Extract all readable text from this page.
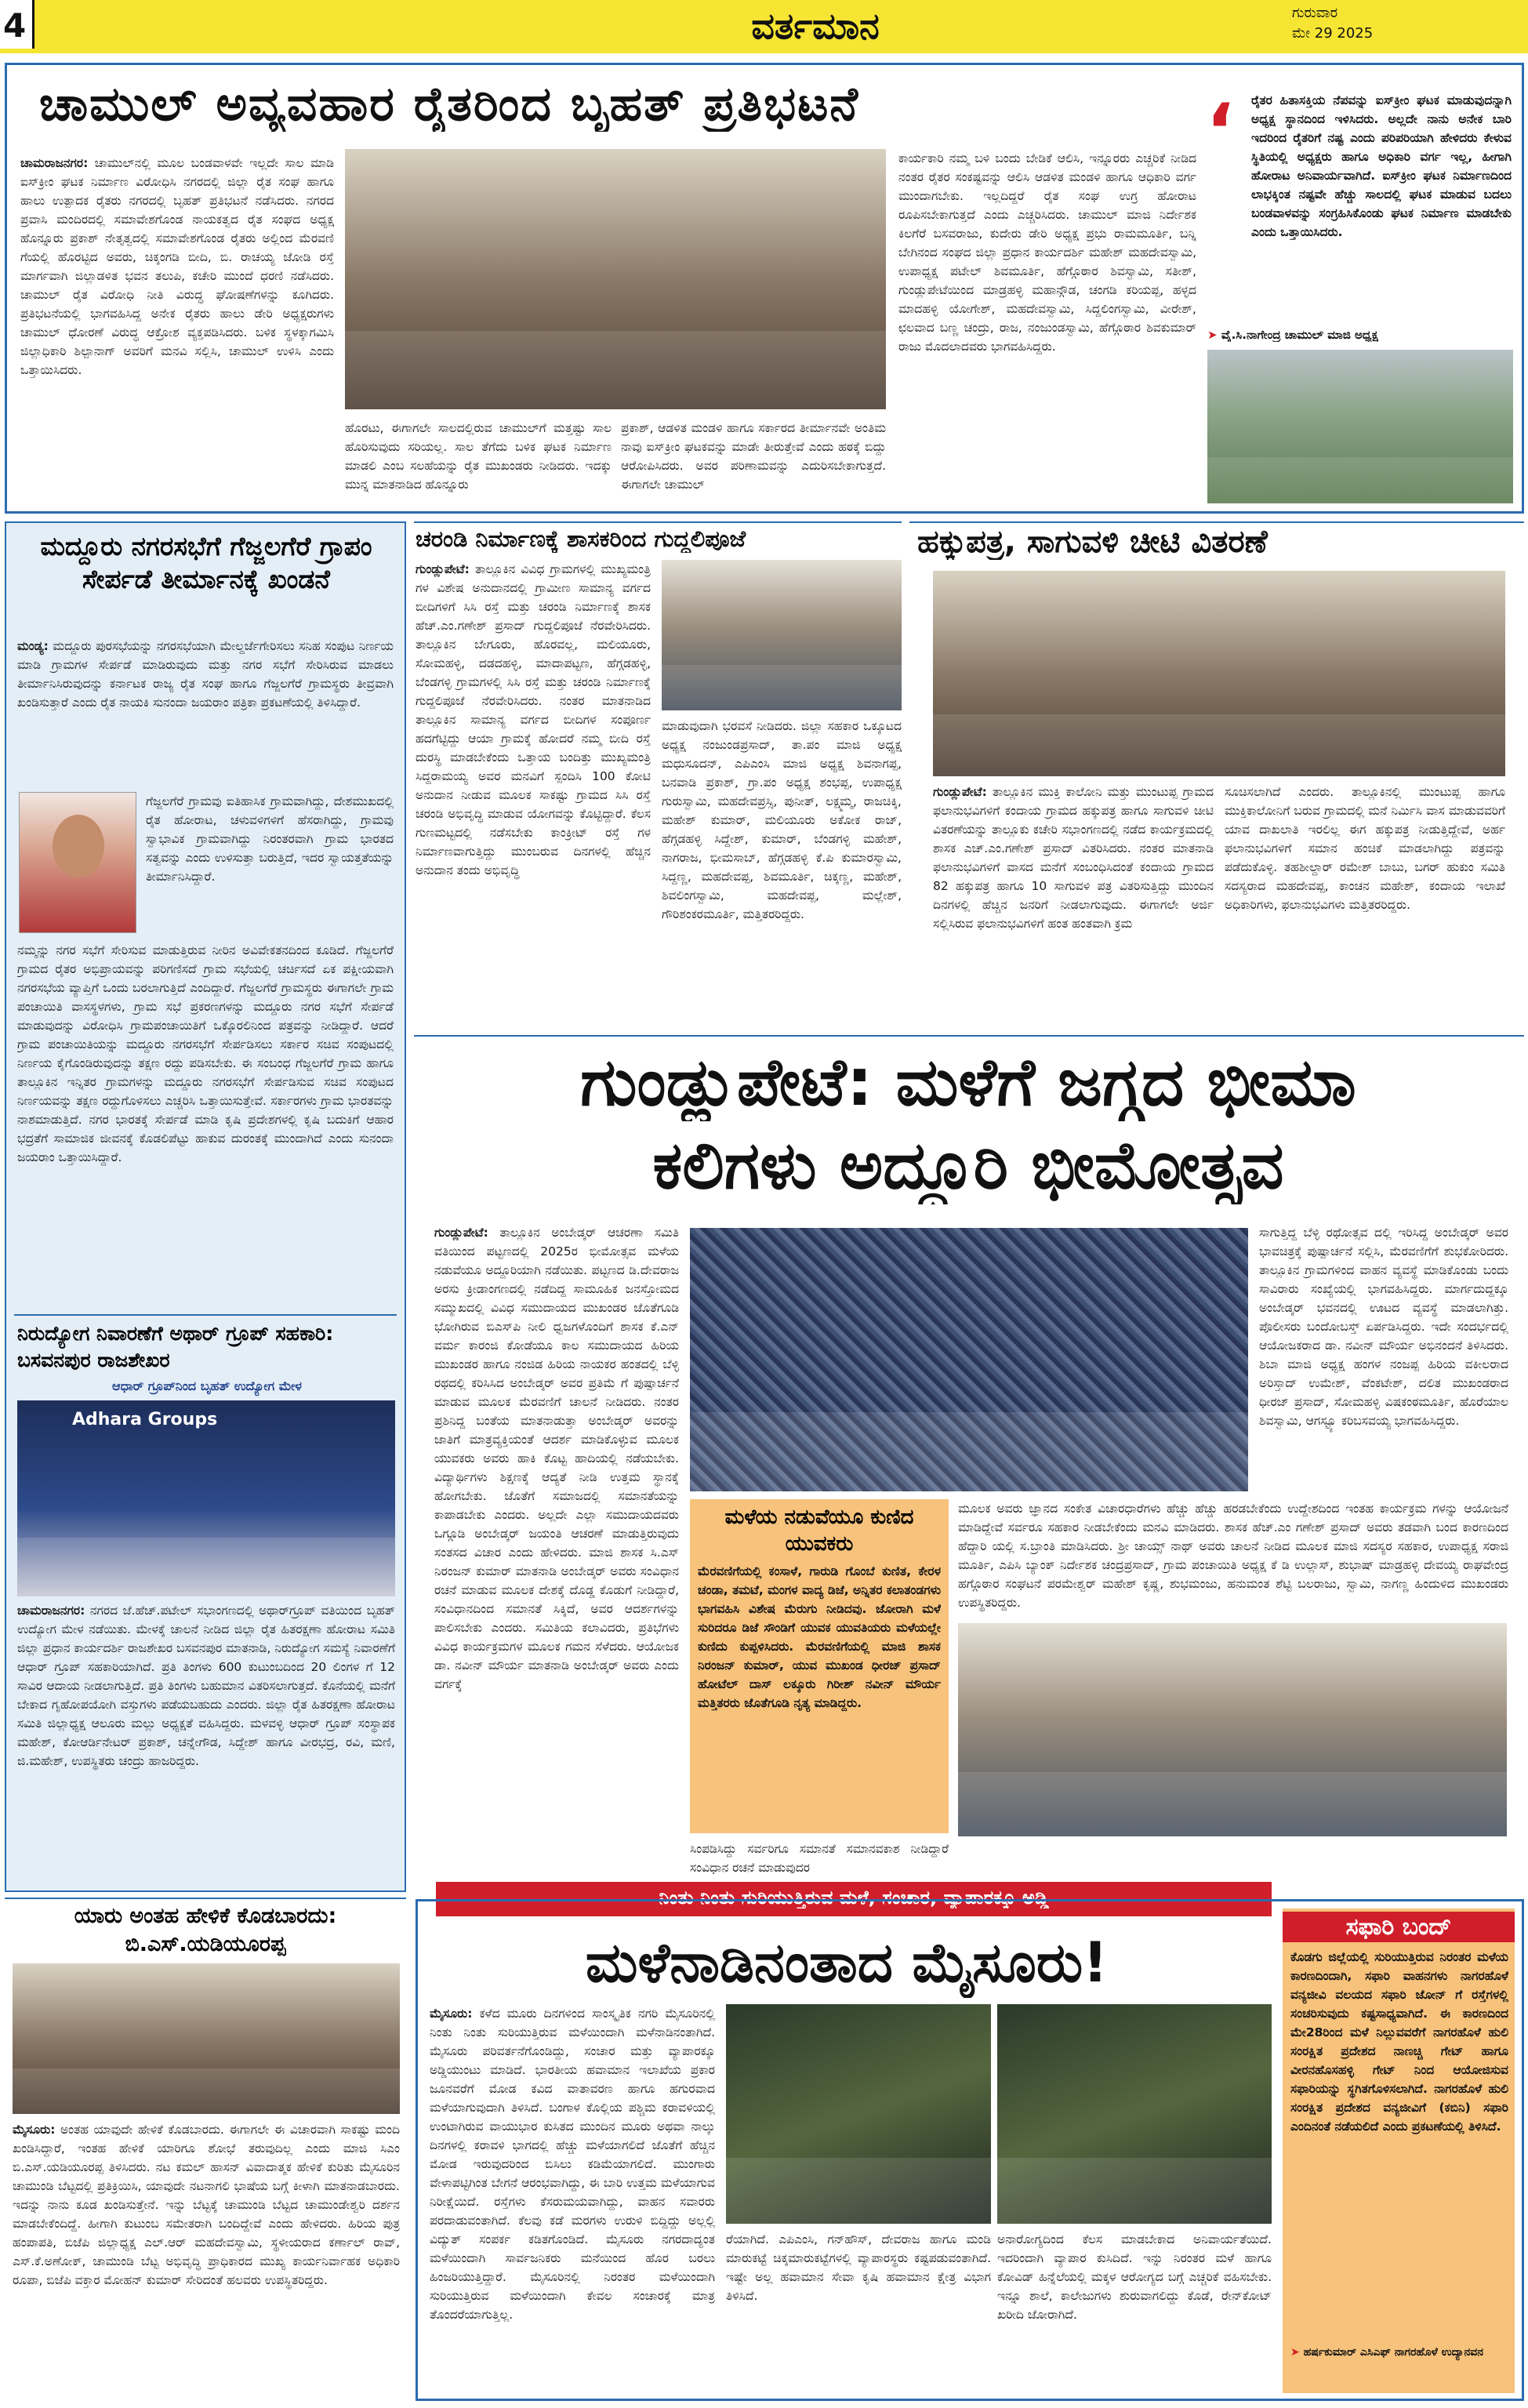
4	ವರ್ತಮಾನ	ಗುರುವಾರ
ಮೇ 29 2025
ಚಾಮುಲ್ ಅವ್ಯವಹಾರ ರೈತರಿಂದ ಬೃಹತ್ ಪ್ರತಿಭಟನೆ
ಚಾಮರಾಜನಗರ: ಚಾಮುಲ್‌ನಲ್ಲಿ ಮೂಲ ಬಂಡವಾಳವೇ ಇಲ್ಲದೇ ಸಾಲ ಮಾಡಿ ಐಸ್‌ಕ್ರೀಂ ಘಟಕ ನಿರ್ಮಾಣ ವಿರೋಧಿಸಿ ನಗರದಲ್ಲಿ ಜಿಲ್ಲಾ ರೈತ ಸಂಘ ಹಾಗೂ ಹಾಲು ಉತ್ಪಾದಕ ರೈತರು ನಗರದಲ್ಲಿ ಬೃಹತ್ ಪ್ರತಿಭಟನೆ ನಡೆಸಿದರು. ನಗರದ ಪ್ರವಾಸಿ ಮಂದಿರದಲ್ಲಿ ಸಮಾವೇಶಗೊಂಡ ನಾಯಕತ್ವದ ರೈತ ಸಂಘದ ಅಧ್ಯಕ್ಷ ಹೊನ್ನೂರು ಪ್ರಕಾಶ್ ನೇತೃತ್ವದಲ್ಲಿ ಸಮಾವೇಶಗೊಂಡ ರೈತರು ಅಲ್ಲಿಂದ ಮೆರವಣಿ ಗೆಯಲ್ಲಿ ಹೊರಟ್ಟಿದ ಅವರು, ಚಿಕ್ಕಂಗಡಿ ಬೀದಿ, ಬಿ. ರಾಚಯ್ಯ ಜೋಡಿ ರಸ್ತೆ ಮಾರ್ಗವಾಗಿ ಜಿಲ್ಲಾಡಳಿತ ಭವನ ತಲುಪಿ, ಕಚೇರಿ ಮುಂದೆ ಧರಣಿ ನಡೆಸಿದರು. ಚಾಮುಲ್ ರೈತ ವಿರೋಧಿ ನೀತಿ ವಿರುದ್ಧ ಘೋಷಣೆಗಳನ್ನು ಕೂಗಿದರು. ಪ್ರತಿಭಟನೆಯಲ್ಲಿ ಭಾಗವಹಿಸಿದ್ದ ಅನೇಕ ರೈತರು ಹಾಲು ಡೇರಿ ಅಧ್ಯಕ್ಷರುಗಳು ಚಾಮುಲ್ ಧೋರಣೆ ವಿರುದ್ಧ ಆಕ್ರೋಶ ವ್ಯಕ್ತಪಡಿಸಿದರು. ಬಳಿಕ ಸ್ಥಳಕ್ಕಾಗಮಿಸಿ ಜಿಲ್ಲಾಧಿಕಾರಿ ಶಿಲ್ಪಾನಾಗ್ ಅವರಿಗೆ ಮನವಿ ಸಲ್ಲಿಸಿ, ಚಾಮುಲ್ ಉಳಿಸಿ ಎಂದು ಒತ್ತಾಯಿಸಿದರು.
ಹೊರಟು, ಈಗಾಗಲೇ ಸಾಲದಲ್ಲಿರುವ ಚಾಮುಲ್‌ಗೆ ಮತ್ತಷ್ಟು ಸಾಲ ಹೊರಿಸುವುದು ಸರಿಯಲ್ಲ. ಸಾಲ ತೆಗೆದು ಬಳಿಕ ಘಟಕ ನಿರ್ಮಾಣ ಮಾಡಲಿ ಎಂಬ ಸಲಹೆಯನ್ನು ರೈತ ಮುಖಂಡರು ನೀಡಿದರು. ಇದಕ್ಕು ಮುನ್ನ ಮಾತನಾಡಿದ ಹೊನ್ನೂರು
ಪ್ರಕಾಶ್, ಆಡಳಿತ ಮಂಡಳಿ ಹಾಗೂ ಸರ್ಕಾರದ ತೀರ್ಮಾನವೇ ಅಂತಿಮ ನಾವು ಐಸ್‌ಕ್ರೀಂ ಘಟಕವನ್ನು ಮಾಡೇ ತೀರುತ್ತೇವೆ ಎಂದು ಹಠಕ್ಕೆ ಬಿದ್ದು ಆರೋಪಿಸಿದರು. ಅವರ ಪರಿಣಾಮವನ್ನು ಎದುರಿಸಬೇಕಾಗುತ್ತದೆ. ಈಗಾಗಲೇ ಚಾಮುಲ್
ಕಾರ್ಯಕಾರಿ ನಮ್ಮ ಬಳಿ ಬಂದು ಬೇಡಿಕೆ ಆಲಿಸಿ, ಇನ್ನೂರರು ಎಚ್ಚರಿಕೆ ನೀಡಿದ ನಂತರ ರೈತರ ಸಂಕಷ್ಟವನ್ನು ಆಲಿಸಿ ಆಡಳಿತ ಮಂಡಳಿ ಹಾಗೂ ಆಧಿಕಾರಿ ವರ್ಗ ಮುಂದಾಗಬೇಕು. ಇಲ್ಲದಿದ್ದರೆ ರೈತ ಸಂಘ ಉಗ್ರ ಹೋರಾಟ ರೂಪಿಸಬೇಕಾಗುತ್ತದೆ ಎಂದು ಎಚ್ಚರಿಸಿದರು. ಚಾಮುಲ್ ಮಾಜಿ ನಿರ್ದೇಶಕ ಕಿಲಗೆರೆ ಬಸವರಾಜು, ಕುದೇರು ಡೇರಿ ಅಧ್ಯಕ್ಷ ಪ್ರಭು ರಾಮಮೂರ್ತಿ, ಬನ್ನಿ ಬೇಗಿನಂದ ಸಂಘದ ಜಿಲ್ಲಾ ಪ್ರಧಾನ ಕಾರ್ಯದರ್ಶಿ ಮಹೇಶ್ ಮಹದೇವಸ್ವಾಮಿ, ಉಪಾಧ್ಯಕ್ಷ ಪಟೇಲ್ ಶಿವಮೂರ್ತಿ, ಹೆಗ್ಗೊಠಾರ ಶಿವಸ್ವಾಮಿ, ಸತೀಶ್, ಗುಂಡ್ಲುಪೇಟೆಯಿಂದ ಮಾಡ್ರಹಳ್ಳಿ ಮಹಾನ್ಗೌಡ, ಚಂಗಡಿ ಕರಿಯಪ್ಪ, ಹಳ್ಳದ ಮಾದಹಳ್ಳಿ ಯೋಗೇಶ್, ಮಹದೇವಸ್ವಾಮಿ, ಸಿದ್ದಲಿಂಗಸ್ವಾಮಿ, ವೀರೇಶ್, ಛಲವಾದ ಬಣ್ಣ ಚಂದ್ರು, ರಾಜ, ನಂಜುಂಡಸ್ವಾಮಿ, ಹೆಗ್ಗೊಠಾರ ಶಿವಕುಮಾರ್ ರಾಜು ಮೊದಲಾದವರು ಭಾಗವಹಿಸಿದ್ದರು.
‘ ರೈತರ ಹಿತಾಸಕ್ತಿಯ ನೆಪವನ್ನು ಐಸ್‌ಕ್ರೀಂ ಘಟಕ ಮಾಡುವುದನ್ನಾಗಿ ಅಧ್ಯಕ್ಷ ಸ್ಥಾನದಿಂದ ಇಳಿಸಿದರು. ಅಲ್ಲದೇ ನಾನು ಅನೇಕ ಬಾರಿ ಇದರಿಂದ ರೈತರಿಗೆ ನಷ್ಟ ಎಂದು ಪರಿಪರಿಯಾಗಿ ಹೇಳಿದರು ಕೇಳುವ ಸ್ಥಿತಿಯಲ್ಲಿ ಅಧ್ಯಕ್ಷರು ಹಾಗೂ ಅಧಿಕಾರಿ ವರ್ಗ ಇಲ್ಲ, ಹೀಗಾಗಿ ಹೋರಾಟ ಅನಿವಾರ್ಯವಾಗಿದೆ. ಐಸ್‌ಕ್ರೀಂ ಘಟಕ ನಿರ್ಮಾಣದಿಂದ ಲಾಭಕ್ಕಿಂತ ನಷ್ಟವೇ ಹೆಚ್ಚು ಸಾಲದಲ್ಲಿ ಘಟಕ ಮಾಡುವ ಬದಲು ಬಂಡವಾಳವನ್ನು ಸಂಗ್ರಹಿಸಿಕೊಂಡು ಘಟಕ ನಿರ್ಮಾಣ ಮಾಡಬೇಕು ಎಂದು ಒತ್ತಾಯಿಸಿದರು.
➤ ವೈ.ಸಿ.ನಾಗೇಂದ್ರ ಚಾಮುಲ್ ಮಾಜಿ ಅಧ್ಯಕ್ಷ
ಮದ್ದೂರು ನಗರಸಭೆಗೆ ಗೆಜ್ಜಲಗೆರೆ ಗ್ರಾಪಂ ಸೇರ್ಪಡೆ ತೀರ್ಮಾನಕ್ಕೆ ಖಂಡನೆ
ಮಂಡ್ಯ: ಮದ್ದೂರು ಪುರಸಭೆಯನ್ನು ನಗರಸಭೆಯಾಗಿ ಮೇಲ್ದರ್ಜೆಗೇರಿಸಲು ಸನಿಹ ಸಂಪುಟ ನಿರ್ಣಯ ಮಾಡಿ ಗ್ರಾಮಗಳ ಸೇರ್ಪಡೆ ಮಾಡಿರುವುದು ಮತ್ತು ನಗರ ಸಭೆಗೆ ಸೇರಿಸಿರುವ ಮಾಡಲು ತೀರ್ಮಾನಿಸಿರುವುದನ್ನು ಕರ್ನಾಟಕ ರಾಜ್ಯ ರೈತ ಸಂಘ ಹಾಗೂ ಗೆಜ್ಜಲಗೆರೆ ಗ್ರಾಮಸ್ಥರು ತೀವ್ರವಾಗಿ ಖಂಡಿಸುತ್ತಾರೆ ಎಂದು ರೈತ ನಾಯಕಿ ಸುನಂದಾ ಜಯರಾಂ ಪತ್ರಿಕಾ ಪ್ರಕಟಣೆಯಲ್ಲಿ ತಿಳಿಸಿದ್ದಾರೆ.
ಗೆಜ್ಜಲಗೆರೆ ಗ್ರಾಮವು ಐತಿಹಾಸಿಕ ಗ್ರಾಮವಾಗಿದ್ದು, ದೇಶಮುಖದಲ್ಲಿ ರೈತ ಹೋರಾಟ, ಚಳುವಳಿಗಳಿಗೆ ಹೆಸರಾಗಿದ್ದು, ಗ್ರಾಮವು ಸ್ವಾಭಾವಿಕ ಗ್ರಾಮವಾಗಿದ್ದು ನಿರಂತರವಾಗಿ ಗ್ರಾಮ ಭಾರತದ ಸತ್ವವನ್ನು ಎಂದು ಉಳಿಸುತ್ತಾ ಬರುತ್ತಿದೆ, ಇದರ ಸ್ವಾಯತ್ತತೆಯನ್ನು ತೀರ್ಮಾನಿಸಿದ್ದಾರೆ.
ನಮ್ಮನ್ನು ನಗರ ಸಭೆಗೆ ಸೇರಿಸುವ ಮಾಡುತ್ತಿರುವ ನೀರಿನ ಅವಿವೇಕತನದಿಂದ ಕೂಡಿದೆ. ಗೆಜ್ಜಲಗೆರೆ ಗ್ರಾಮದ ರೈತರ ಅಭಿಪ್ರಾಯವನ್ನು ಪರಿಗಣಿಸದೆ ಗ್ರಾಮ ಸಭೆಯಲ್ಲಿ ಚರ್ಚಿಸದೆ ಏಕ ಪಕ್ಷೀಯವಾಗಿ ನಗರಸಭೆಯ ವ್ಯಾಪ್ತಿಗೆ ಒಂದು ಬರಲಾಗುತ್ತಿದೆ ಎಂದಿದ್ದಾರೆ. ಗೆಜ್ಜಲಗೆರೆ ಗ್ರಾಮಸ್ಥರು ಈಗಾಗಲೇ ಗ್ರಾಮ ಪಂಚಾಯಿತಿ ವಾಸಸ್ಥಳಗಳು, ಗ್ರಾಮ ಸಭೆ ಪ್ರಕರಣಗಳನ್ನು ಮದ್ದೂರು ನಗರ ಸಭೆಗೆ ಸೇರ್ಪಡೆ ಮಾಡುವುದನ್ನು ವಿರೋಧಿಸಿ ಗ್ರಾಮಪಂಚಾಯಿತಿಗೆ ಒಕ್ಕೊರಲಿನಿಂದ ಪತ್ರವನ್ನು ನೀಡಿದ್ದಾರೆ. ಆದರೆ ಗ್ರಾಮ ಪಂಚಾಯಿತಿಯನ್ನು ಮದ್ದೂರು ನಗರಸಭೆಗೆ ಸೇರ್ಪಡಿಸಲು ಸರ್ಕಾರ ಸಚಿವ ಸಂಪುಟದಲ್ಲಿ ನಿರ್ಣಯ ಕೈಗೊಂಡಿರುವುದನ್ನು ತಕ್ಷಣ ರದ್ದು ಪಡಿಸಬೇಕು. ಈ ಸಂಬಂಧ ಗೆಜ್ಜಲಗೆರೆ ಗ್ರಾಮ ಹಾಗೂ ತಾಲ್ಲೂಕಿನ ಇನ್ನಿತರ ಗ್ರಾಮಗಳನ್ನು ಮದ್ದೂರು ನಗರಸಭೆಗೆ ಸೇರ್ಪಡಿಸುವ ಸಚಿವ ಸಂಪುಟದ ನಿರ್ಣಯವನ್ನು ತಕ್ಷಣ ರದ್ದುಗೊಳಿಸಲು ಎಚ್ಚರಿಸಿ ಒತ್ತಾಯಿಸುತ್ತೇವೆ. ಸರ್ಕಾರಗಳು ಗ್ರಾಮ ಭಾರತವನ್ನು ನಾಶಮಾಡುತ್ತಿದೆ. ನಗರ ಭಾರತಕ್ಕೆ ಸೇರ್ಪಡೆ ಮಾಡಿ ಕೃಷಿ ಪ್ರದೇಶಗಳಲ್ಲಿ ಕೃಷಿ ಬದುಕಿಗೆ ಆಹಾರ ಭದ್ರತೆಗೆ ಸಾಮಾಜಿಕ ಜೀವನಕ್ಕೆ ಕೊಡಲಿಪೆಟ್ಟು ಹಾಕುವ ದುರಂತಕ್ಕೆ ಮುಂದಾಗಿದೆ ಎಂದು ಸುನಂದಾ ಜಯರಾಂ ಒತ್ತಾಯಿಸಿದ್ದಾರೆ.
ನಿರುದ್ಯೋಗ ನಿವಾರಣೆಗೆ ಅಥಾರ್ ಗ್ರೂಪ್ ಸಹಕಾರಿ: ಬಸವನಪುರ ರಾಜಶೇಖರ
ಆಧಾರ್ ಗ್ರೂಪ್‌ನಿಂದ ಬೃಹತ್ ಉದ್ಯೋಗ ಮೇಳ
Adhara Groups
ಚಾಮರಾಜನಗರ: ನಗರದ ಜೆ.ಹೆಚ್.ಪಟೇಲ್ ಸಭಾಂಗಣದಲ್ಲಿ ಅಥಾರ್‌ಗ್ರೂಪ್ ವತಿಯಿಂದ ಬೃಹತ್ ಉದ್ಯೋಗ ಮೇಳ ನಡೆಯಿತು. ಮೇಳಕ್ಕೆ ಚಾಲನೆ ನೀಡಿದ ಜಿಲ್ಲಾ ರೈತ ಹಿತರಕ್ಷಣಾ ಹೋರಾಟ ಸಮಿತಿ ಜಿಲ್ಲಾ ಪ್ರಧಾನ ಕಾರ್ಯದರ್ಶಿ ರಾಜಶೇಖರ ಬಸವನಪುರ ಮಾತನಾಡಿ, ನಿರುದ್ಯೋಗ ಸಮಸ್ಯೆ ನಿವಾರಣೆಗೆ ಆಧಾರ್ ಗ್ರೂಪ್ ಸಹಕಾರಿಯಾಗಿದೆ. ಪ್ರತಿ ತಿಂಗಳು 600 ಕುಟುಂಬದಿಂದ 20 ಲಿಂಗಳ ಗೆ 12 ಸಾವಿರ ಆದಾಯ ನೀಡಲಾಗುತ್ತಿದೆ. ಪ್ರತಿ ತಿಂಗಳು ಬಹುಮಾನ ವಿತರಿಸಲಾಗುತ್ತದೆ. ಕೊನೆಯಲ್ಲಿ ಮನೆಗೆ ಬೇಕಾದ ಗೃಹೋಪಯೋಗಿ ವಸ್ತುಗಳು ಪಡೆಯಬಹುದು ಎಂದರು. ಜಿಲ್ಲಾ ರೈತ ಹಿತರಕ್ಷಣಾ ಹೋರಾಟ ಸಮಿತಿ ಜಿಲ್ಲಾಧ್ಯಕ್ಷ ಆಲೂರು ಮಲ್ಲು ಅಧ್ಯಕ್ಷತೆ ವಹಿಸಿದ್ದರು. ಮಳವಳ್ಳಿ ಆಧಾರ್ ಗ್ರೂಪ್ ಸಂಸ್ಥಾಪಕ ಮಹೇಶ್, ಕೋಆರ್ಡಿನೇಟರ್ ಪ್ರಕಾಶ್, ಚನ್ನೇಗೌಡ, ಸಿದ್ದೇಶ್ ಹಾಗೂ ವೀರಭದ್ರ, ರವಿ, ಮಣಿ, ಜಿ.ಮಹೇಶ್, ಉಪಸ್ಥಿತರು ಚಂದ್ರು ಹಾಜರಿದ್ದರು.
ಚರಂಡಿ ನಿರ್ಮಾಣಕ್ಕೆ ಶಾಸಕರಿಂದ ಗುದ್ದಲಿಪೂಜೆ
ಗುಂಡ್ಲುಪೇಟೆ: ತಾಲ್ಲೂಕಿನ ವಿವಿಧ ಗ್ರಾಮಗಳಲ್ಲಿ ಮುಖ್ಯಮಂತ್ರಿ ಗಳ ವಿಶೇಷ ಅನುದಾನದಲ್ಲಿ ಗ್ರಾಮೀಣ ಸಾಮಾನ್ಯ ವರ್ಗದ ಬೀದಿಗಳಿಗೆ ಸಿಸಿ ರಸ್ತೆ ಮತ್ತು ಚರಂಡಿ ನಿರ್ಮಾಣಕ್ಕೆ ಶಾಸಕ ಹೆಚ್.ಎಂ.ಗಣೇಶ್ ಪ್ರಸಾದ್ ಗುದ್ದಲಿಪೂಜೆ ನೆರವೇರಿಸಿದರು. ತಾಲ್ಲೂಕಿನ ಬೇಗೂರು, ಹೊರವಲ್ಲ, ಮಲಿಯೂರು, ಸೋಮಹಳ್ಳಿ, ದಡದಹಳ್ಳಿ, ಮಾದಾಪಟ್ಟಣ, ಹೆಗ್ಗಡಹಳ್ಳಿ, ಬೆಂಡಗಳ್ಳಿ ಗ್ರಾಮಗಳಲ್ಲಿ ಸಿಸಿ ರಸ್ತೆ ಮತ್ತು ಚರಂಡಿ ನಿರ್ಮಾಣಕ್ಕೆ ಗುದ್ದಲಿಪೂಜೆ ನೆರವೇರಿಸಿದರು. ನಂತರ ಮಾತನಾಡಿದ ತಾಲ್ಲೂಕಿನ ಸಾಮಾನ್ಯ ವರ್ಗದ ಬೀದಿಗಳ ಸಂಪೂರ್ಣ ಹದಗೆಟ್ಟಿದ್ದು ಆಯಾ ಗ್ರಾಮಕ್ಕೆ ಹೋದರೆ ನಮ್ಮ ಬೀದಿ ರಸ್ತೆ ದುರಸ್ಥಿ ಮಾಡಬೇಕೆಂದು ಒತ್ತಾಯ ಬಂದಿತ್ತು ಮುಖ್ಯಮಂತ್ರಿ ಸಿದ್ದರಾಮಯ್ಯ ಅವರ ಮನವಿಗೆ ಸ್ಪಂದಿಸಿ 100 ಕೋಟಿ ಅನುದಾನ ನೀಡುವ ಮೂಲಕ ಸಾಕಷ್ಟು ಗ್ರಾಮದ ಸಿಸಿ ರಸ್ತೆ ಚರಂಡಿ ಅಭಿವೃದ್ಧಿ ಮಾಡುವ ಯೋಗವನ್ನು ಕೊಟ್ಟಿದ್ದಾರೆ. ಕೆಲಸ ಗುಣಮಟ್ಟದಲ್ಲಿ ನಡೆಸಬೇಕು ಕಾಂಕ್ರೀಟ್ ರಸ್ತೆ ಗಳ ನಿರ್ಮಾಣವಾಗುತ್ತಿದ್ದು ಮುಂಬರುವ ದಿನಗಳಲ್ಲಿ ಹೆಚ್ಚಿನ ಅನುದಾನ ತಂದು ಅಭಿವೃದ್ಧಿ
ಮಾಡುವುದಾಗಿ ಭರವಸೆ ನೀಡಿದರು. ಜಿಲ್ಲಾ ಸಹಕಾರ ಒಕ್ಕೂಟದ ಅಧ್ಯಕ್ಷ ನಂಜುಂಡಪ್ರಸಾದ್, ತಾ.ಪಂ ಮಾಜಿ ಅಧ್ಯಕ್ಷ ಮಧುಸೂದನ್, ಎಪಿಎಂಸಿ ಮಾಜಿ ಅಧ್ಯಕ್ಷ ಶಿವನಾಗಪ್ಪ, ಬನವಾಡಿ ಪ್ರಕಾಶ್, ಗ್ರಾ.ಪಂ ಅಧ್ಯಕ್ಷ ಶಂಭಪ್ಪ, ಉಪಾಧ್ಯಕ್ಷ ಗುರುಸ್ವಾಮಿ, ಮಹದೇವಪ್ರಸ್ಸಿ, ಪುನೀತ್, ಲಕ್ಷ್ಮಮ್ಮ, ರಾಜಚಿಕ್ಕಿ, ಮಹೇಶ್ ಕುಮಾರ್, ಮಲಿಯೂರು ಅಕೋಕ ರಾಜ್, ಹೆಗ್ಗಡಹಳ್ಳಿ ಸಿದ್ದೇಶ್, ಕುಮಾರ್, ಬೆಂಡಗಳ್ಳಿ ಮಹೇಶ್, ನಾಗರಾಜ, ಭೀಮಸಾಬ್, ಹೆಗ್ಗಡಹಳ್ಳಿ ಕೆ.ಪಿ ಕುಮಾರಸ್ವಾಮಿ, ಸಿದ್ದಣ್ಣ, ಮಹದೇವಪ್ಪ, ಶಿವಮೂರ್ತಿ, ಚಿಕ್ಕಣ್ಣ, ಮಹೇಶ್, ಶಿವಲಿಂಗಸ್ವಾಮಿ, ಮಹದೇವಪ್ಪ, ಮಲ್ಲೇಶ್, ಗೌರಿಶಂಕರಮೂರ್ತಿ, ಮತ್ತಿತರರಿದ್ದರು.
ಹಕ್ಕುಪತ್ರ, ಸಾಗುವಳಿ ಚೀಟಿ ವಿತರಣೆ
ಗುಂಡ್ಲುಪೇಟೆ: ತಾಲ್ಲೂಕಿನ ಮುಕ್ತಿ ಕಾಲೋನಿ ಮತ್ತು ಮುಂಟುಪ್ಪ ಗ್ರಾಮದ ಫಲಾನುಭವಿಗಳಿಗೆ ಕಂದಾಯ ಗ್ರಾಮದ ಹಕ್ಕುಪತ್ರ ಹಾಗೂ ಸಾಗುವಳಿ ಚೀಟಿ ವಿತರಣೆಯನ್ನು ತಾಲ್ಲೂಕು ಕಚೇರಿ ಸಭಾಂಗಣದಲ್ಲಿ ನಡೆದ ಕಾರ್ಯಕ್ರಮದಲ್ಲಿ ಶಾಸಕ ಎಚ್.ಎಂ.ಗಣೇಶ್ ಪ್ರಸಾದ್ ವಿತರಿಸಿದರು. ನಂತರ ಮಾತನಾಡಿ ಫಲಾನುಭವಿಗಳಿಗೆ ವಾಸದ ಮನೆಗೆ ಸಂಬಂಧಿಸಿದಂತೆ ಕಂದಾಯ ಗ್ರಾಮದ 82 ಹಕ್ಕುಪತ್ರ ಹಾಗೂ 10 ಸಾಗುವಳಿ ಪತ್ರ ವಿತರಿಸುತ್ತಿದ್ದು ಮುಂದಿನ ದಿನಗಳಲ್ಲಿ ಹೆಚ್ಚಿನ ಜನರಿಗೆ ನೀಡಲಾಗುವುದು. ಈಗಾಗಲೇ ಅರ್ಜಿ ಸಲ್ಲಿಸಿರುವ ಫಲಾನುಭವಿಗಳಿಗೆ ಹಂತ ಹಂತವಾಗಿ ಕ್ರಮ
ಸೂಚಿಸಲಾಗಿದೆ ಎಂದರು. ತಾಲ್ಲೂಕಿನಲ್ಲಿ ಮುಂಟುಪ್ಪ ಹಾಗೂ ಮುಕ್ತಿಕಾಲೋನಿಗೆ ಬರುವ ಗ್ರಾಮದಲ್ಲಿ ಮನೆ ನಿರ್ಮಿಸಿ ವಾಸ ಮಾಡುವವರಿಗೆ ಯಾವ ದಾಖಲಾತಿ ಇರಲಿಲ್ಲ ಈಗ ಹಕ್ಕುಪತ್ರ ನೀಡುತ್ತಿದ್ದೇವೆ, ಅರ್ಹ ಫಲಾನುಭವಿಗಳಿಗೆ ಸಮಾನ ಹಂಚಿಕೆ ಮಾಡಲಾಗಿದ್ದು ಪತ್ರವನ್ನು ಪಡೆದುಕೊಳ್ಳಿ. ತಹಶೀಲ್ದಾರ್ ರಮೇಶ್ ಬಾಬು, ಬಗರ್ ಹುಕುಂ ಸಮಿತಿ ಸದಸ್ಯರಾದ ಮಹದೇವಪ್ಪ, ಕಾಂಚನ ಮಹೇಶ್, ಕಂದಾಯ ಇಲಾಖೆ ಅಧಿಕಾರಿಗಳು, ಫಲಾನುಭವಿಗಳು ಮತ್ತಿತರರಿದ್ದರು.
ಗುಂಡ್ಲುಪೇಟೆ: ಮಳೆಗೆ ಜಗ್ಗದ ಭೀಮಾ
ಕಲಿಗಳು ಅದ್ದೂರಿ ಭೀಮೋತ್ಸವ
ಗುಂಡ್ಲುಪೇಟೆ: ತಾಲ್ಲೂಕಿನ ಅಂಬೇಡ್ಕರ್ ಆಚರಣಾ ಸಮಿತಿ ವತಿಯಿಂದ ಪಟ್ಟಣದಲ್ಲಿ 2025ರ ಭೀಮೋತ್ಸವ ಮಳೆಯ ನಡುವೆಯೂ ಅದ್ದೂರಿಯಾಗಿ ನಡೆಯಿತು. ಪಟ್ಟಣದ ಡಿ.ದೇವರಾಜ ಅರಸು ಕ್ರೀಡಾಂಗಣದಲ್ಲಿ ನಡೆದಿದ್ದ ಸಾಮೂಹಿಕ ಜನಸ್ತೋಮದ ಸಮ್ಮುಖದಲ್ಲಿ ವಿವಿಧ ಸಮುದಾಯದ ಮುಖಂಡರ ಜೊತೆಗೂಡಿ ಭೋಗಿರುವ ಬಿಎಸ್‌ಪಿ ನೀಲಿ ಧ್ವಜಗಳೊಂದಿಗೆ ಶಾಸಕ ಕೆ.ಎನ್ ವರ್ಮ ಕಾರಂಜಿ ಕೋಡೆಯೂ ಕಾಲ ಸಮುದಾಯದ ಹಿರಿಯ ಮುಖಂಡರ ಹಾಗೂ ನಂಜಿಡ ಹಿರಿಯ ನಾಯಕರ ಹಂತದಲ್ಲಿ ಬೆಳ್ಳಿ ರಥದಲ್ಲಿ ಕರಿಸಿಸಿದ ಅಂಬೇಡ್ಕರ್ ಅವರ ಪ್ರತಿಮೆ ಗೆ ಪುಷ್ಪಾರ್ಚನೆ ಮಾಡುವ ಮೂಲಕ ಮೆರವಣಿಗೆ ಚಾಲನೆ ನೀಡಿದರು. ನಂತರ ಪ್ರಶಿನಿದ್ದ ಬಂತೆಯ ಮಾತನಾಡುತ್ತಾ ಅಂಬೇಡ್ಕರ್ ಅವರನ್ನು ಜಾತಿಗೆ ಮಾತ್ರವ್ಯಕ್ತಿಯಂತೆ ಆದರ್ಶ ಮಾಡಿಕೊಳ್ಳುವ ಮೂಲಕ ಯುವಕರು ಅವರು ಹಾಕಿ ಕೊಟ್ಟ ಹಾದಿಯಲ್ಲಿ ನಡೆಯಬೇಕು. ವಿದ್ಯಾರ್ಥಿಗಳು ಶಿಕ್ಷಣಕ್ಕೆ ಆದ್ಯತೆ ನೀಡಿ ಉತ್ತಮ ಸ್ಥಾನಕ್ಕೆ ಹೋಗಬೇಕು. ಜೊತೆಗೆ ಸಮಾಜದಲ್ಲಿ ಸಮಾನತೆಯನ್ನು ಕಾಪಾಡಬೇಕು ಎಂದರು. ಅಲ್ಲದೇ ಎಲ್ಲಾ ಸಮುದಾಯದವರು ಒಗ್ಗೂಡಿ ಅಂಬೇಡ್ಕರ್ ಜಯಂತಿ ಆಚರಣೆ ಮಾಡುತ್ತಿರುವುದು ಸಂತಸದ ವಿಚಾರ ಎಂದು ಹೇಳಿದರು. ಮಾಜಿ ಶಾಸಕ ಸಿ.ಎಸ್ ನಿರಂಜನ್ ಕುಮಾರ್ ಮಾತನಾಡಿ ಅಂಬೇಡ್ಕರ್ ಅವರು ಸಂವಿಧಾನ ರಚನೆ ಮಾಡುವ ಮೂಲಕ ದೇಶಕ್ಕೆ ದೊಡ್ಡ ಕೊಡುಗೆ ನೀಡಿದ್ದಾರೆ, ಸಂವಿಧಾನದಿಂದ ಸಮಾನತೆ ಸಿಕ್ಕಿದೆ, ಅವರ ಆದರ್ಶಗಳನ್ನು ಪಾಲಿಸಬೇಕು ಎಂದರು. ಸಮಿತಿಯ ಕಲಾವಿದರು, ಪ್ರತಿಭೆಗಳು ವಿವಿಧ ಕಾರ್ಯಕ್ರಮಗಳ ಮೂಲಕ ಗಮನ ಸೆಳೆದರು. ಆಯೋಜಕ ಡಾ. ನವೀನ್ ಮೌರ್ಯ ಮಾತನಾಡಿ ಅಂಬೇಡ್ಕರ್ ಅವರು ಎಂದು ವರ್ಗಕ್ಕೆ
ಸಾಗುತ್ತಿದ್ದ ಬೆಳ್ಳಿ ರಥೋತ್ಸವ ದಲ್ಲಿ ಇರಿಸಿದ್ದ ಅಂಬೇಡ್ಕರ್ ಅವರ ಭಾವಚಿತ್ರಕ್ಕೆ ಪುಷ್ಪಾರ್ಚನೆ ಸಲ್ಲಿಸಿ, ಮೆರವಣಿಗೆಗೆ ಶುಭಕೋರಿದರು. ತಾಲ್ಲೂಕಿನ ಗ್ರಾಮಗಳಿಂದ ವಾಹನ ವ್ಯವಸ್ಥೆ ಮಾಡಿಕೊಂಡು ಬಂದು ಸಾವಿರಾರು ಸಂಖ್ಯೆಯಲ್ಲಿ ಭಾಗವಹಿಸಿದ್ದರು. ಮಾರ್ಗದುದ್ದಕ್ಕೂ ಅಂಬೇಡ್ಕರ್ ಭವನದಲ್ಲಿ ಊಟದ ವ್ಯವಸ್ಥೆ ಮಾಡಲಾಗಿತ್ತು. ಪೊಲೀಸರು ಬಂದೋಬಸ್ತ್ ಏರ್ಪಡಿಸಿದ್ದರು. ಇದೇ ಸಂದರ್ಭದಲ್ಲಿ ಆಯೋಜಕರಾದ ಡಾ. ನವೀನ್ ಮೌರ್ಯ ಅಭಿನಂದನೆ ತಿಳಿಸಿದರು. ಶಿಬಾ ಮಾಜಿ ಅಧ್ಯಕ್ಷ ಹಂಗಳ ನಂಜಪ್ಪ ಹಿರಿಯ ವಕೀಲರಾದ ಅರಿಸ್ತಾದ್ ಉಮೇಶ್, ವೆಂಕಟೇಶ್, ದಲಿತ ಮುಖಂಡರಾದ ಧೀರಜ್ ಪ್ರಸಾದ್, ಸೋಮಹಳ್ಳಿ ವಿಷಕಂಠಮೂರ್ತಿ, ಹೊರೆಯಾಲ ಶಿವಸ್ವಾಮಿ, ಆಗಸ್ಟ್ಯೂ ಕರಿಬಸವಯ್ಯ ಭಾಗವಹಿಸಿದ್ದರು.
ಮಳೆಯ ನಡುವೆಯೂ ಕುಣಿದ ಯುವಕರು
ಮೆರವಣಿಗೆಯಲ್ಲಿ ಕಂಸಾಳೆ, ಗಾರುಡಿ ಗೊಂಬೆ ಕುಣಿತ, ಕೇರಳ ಚಂಡಾ, ತಮಟೆ, ಮಂಗಳ ವಾದ್ಯ ಡಿಜೆ, ಅನ್ನಿತರ ಕಲಾತಂಡಗಳು ಭಾಗವಹಿಸಿ ವಿಶೇಷ ಮೆರುಗು ನೀಡಿದವು. ಜೋರಾಗಿ ಮಳೆ ಸುರಿದರೂ ಡಿಜೆ ಸೌಂಡಿಗೆ ಯುವಕ ಯುವತಿಯರು ಮಳೆಯಲ್ಲೇ ಕುಣಿದು ಕುಪ್ಪಳಿಸಿದರು. ಮೆರವಣಿಗೆಯಲ್ಲಿ ಮಾಜಿ ಶಾಸಕ ನಿರಂಜನ್ ಕುಮಾರ್, ಯುವ ಮುಖಂಡ ಧೀರಜ್ ಪ್ರಸಾದ್ ಹೋಟೆಲ್ ದಾಸ್ ಲಕ್ಕೂರು ಗಿರೀಶ್ ನವೀನ್ ಮೌರ್ಯ ಮತ್ತಿತರರು ಜೊತೆಗೂಡಿ ನೃತ್ಯ ಮಾಡಿದ್ದರು.
ಮೂಲಕ ಅವರು ಜ್ಞಾನದ ಸಂಕೇತ ವಿಚಾರಧಾರೆಗಳು ಹೆಚ್ಚು ಹೆಚ್ಚು ಹರಡಬೇಕೆಂದು ಉದ್ದೇಶದಿಂದ ಇಂತಹ ಕಾರ್ಯಕ್ರಮ ಗಳನ್ನು ಆಯೋಜನೆ ಮಾಡಿದ್ದೇವೆ ಸರ್ವರೂ ಸಹಕಾರ ನೀಡಬೇಕೆಂದು ಮನವಿ ಮಾಡಿದರು. ಶಾಸಕ ಹೆಚ್.ಎಂ ಗಣೇಶ್ ಪ್ರಸಾದ್ ಅವರು ತಡವಾಗಿ ಬಂದ ಕಾರಣದಿಂದ ಹೆದ್ದಾರಿ ಯಲ್ಲಿ ಸ.ಬ್ರಾಂತಿ ಮಾಡಿಸಿದರು. ಶ್ರೀ ಚಾಯ್ಸ್ ನಾಥ್ ಅವರು ಚಾಲನೆ ನೀಡಿದ ಮೂಲಕ ಮಾಜಿ ಸದಸ್ಯರ ಸಹಕಾರ, ಉಪಾಧ್ಯಕ್ಷ ಸರಾಜಿ ಮೂರ್ತಿ, ಎಪಿಸಿ ಬ್ಯಾಂಕ್ ನಿರ್ದೇಶಕ ಚಂದ್ರಪ್ರಸಾದ್, ಗ್ರಾಮ ಪಂಚಾಯಿತಿ ಅಧ್ಯಕ್ಷ ಕೆ ಡಿ ಉಲ್ಲಾಸ್, ಶುಭಾಷ್ ಮಾಡ್ರಹಳ್ಳಿ ದೇವಯ್ಯ ರಾಘವೇಂದ್ರ ಹಗ್ಗೊಠಾರ ಸಂಘಟನೆ ಪರಮೇಶ್ವರ್ ಮಹೇಶ್ ಕೃಷ್ಣ, ಶುಭಮಂಜು, ಹನುಮಂತ ಶೆಟ್ಟಿ ಬಲರಾಜು, ಸ್ವಾಮಿ, ನಾಗಣ್ಣ ಹಿಂದುಳಿದ ಮುಖಂಡರು ಉಪಸ್ಥಿತರಿದ್ದರು.
ಸಿಂಪಡಿಸಿದ್ದು ಸರ್ವರಿಗೂ ಸಮಾನತೆ ಸಮಾನವಕಾಶ ನೀಡಿದ್ದಾರೆ ಸಂವಿಧಾನ ರಚನೆ ಮಾಡುವುದರ
ಯಾರು ಅಂತಹ ಹೇಳಿಕೆ ಕೊಡಬಾರದು: ಬಿ.ಎಸ್.ಯಡಿಯೂರಪ್ಪ
ಮೈಸೂರು: ಅಂತಹ ಯಾವುದೇ ಹೇಳಿಕೆ ಕೊಡಬಾರದು. ಈಗಾಗಲೇ ಈ ವಿಚಾರವಾಗಿ ಸಾಕಷ್ಟು ಮಂದಿ ಖಂಡಿಸಿದ್ದಾರೆ, ಇಂತಹ ಹೇಳಿಕೆ ಯಾರಿಗೂ ಶೋಭೆ ತರುವುದಿಲ್ಲ ಎಂದು ಮಾಜಿ ಸಿಎಂ ಬಿ.ಎಸ್.ಯಡಿಯೂರಪ್ಪ ತಿಳಿಸಿದರು. ನಟ ಕಮಲ್ ಹಾಸನ್ ವಿವಾದಾತ್ಮಕ ಹೇಳಿಕೆ ಕುರಿತು ಮೈಸೂರಿನ ಚಾಮುಂಡಿ ಬೆಟ್ಟದಲ್ಲಿ ಪ್ರತಿಕ್ರಿಯಿಸಿ, ಯಾವುದೇ ನಟನಾಗಲಿ ಭಾಷೆಯ ಬಗ್ಗೆ ಕೀಳಾಗಿ ಮಾತನಾಡಬಾರದು. ಇದನ್ನು ನಾನು ಕೂಡ ಖಂಡಿಸುತ್ತೇನೆ. ಇನ್ನು ಬೆಟ್ಟಕ್ಕೆ ಚಾಮುಂಡಿ ಬೆಟ್ಟದ ಚಾಮುಂಡೇಶ್ವರಿ ದರ್ಶನ ಮಾಡಬೇಕೆಂದಿದ್ದೆ. ಹೀಗಾಗಿ ಕುಟುಂಬ ಸಮೇತರಾಗಿ ಬಂದಿದ್ದೇವೆ ಎಂದು ಹೇಳಿದರು. ಹಿರಿಯ ಪುತ್ರ ಹಂಪಾಪತಿ, ಬಿಜೆಪಿ ಜಿಲ್ಲಾಧ್ಯಕ್ಷ ಎಲ್.ಆರ್ ಮಹದೇವಸ್ವಾಮಿ, ಸ್ಥಳೀಯರಾದ ಕರ್ಣಾಲ್ ರಾವ್, ಎಸ್.ಕೆ.ಅಣೋಕ್, ಚಾಮುಂಡಿ ಬೆಟ್ಟ ಅಭಿವೃದ್ಧಿ ಪ್ರಾಧಿಕಾರದ ಮುಖ್ಯ ಕಾರ್ಯನಿರ್ವಾಹಕ ಅಧಿಕಾರಿ ರೂಪಾ, ಬಿಜೆಪಿ ವಕ್ತಾರ ಮೋಹನ್ ಕುಮಾರ್ ಸೇರಿದಂತೆ ಹಲವರು ಉಪಸ್ಥಿತರಿದ್ದರು.
ನಿಂತು ನಿಂತು ಸುರಿಯುತ್ತಿರುವ ಮಳೆ, ಸಂಚಾರ, ವ್ಯಾಪಾರಕ್ಕೂ ಅಡ್ಡಿ
ಮಳೆನಾಡಿನಂತಾದ ಮೈಸೂರು!
ಮೈಸೂರು: ಕಳೆದ ಮೂರು ದಿನಗಳಿಂದ ಸಾಂಸ್ಕೃತಿಕ ನಗರಿ ಮೈಸೂರಿನಲ್ಲಿ ನಿಂತು ನಿಂತು ಸುರಿಯುತ್ತಿರುವ ಮಳೆಯಿಂದಾಗಿ ಮಳೆನಾಡಿನಂತಾಗಿದೆ. ಮೈಸೂರು ಪರಿವರ್ತನೆಗೊಂಡಿದ್ದು, ಸಂಚಾರ ಮತ್ತು ವ್ಯಾಪಾರಕ್ಕೂ ಅಡ್ಡಿಯುಂಟು ಮಾಡಿದೆ. ಭಾರತೀಯ ಹವಾಮಾನ ಇಲಾಖೆಯ ಪ್ರಕಾರ ಜೂನವರೆಗೆ ಮೋಡ ಕವಿದ ವಾತಾವರಣ ಹಾಗೂ ಹಗುರವಾದ ಮಳೆಯಾಗುವುದಾಗಿ ತಿಳಿಸಿದೆ. ಬಂಗಾಳ ಕೊಲ್ಲಿಯ ಪಶ್ಚಿಮ ಕರಾವಳಿಯಲ್ಲಿ ಉಂಟಾಗಿರುವ ವಾಯುಭಾರ ಕುಸಿತದ ಮುಂದಿನ ಮೂರು ಅಥವಾ ನಾಲ್ಕು ದಿನಗಳಲ್ಲಿ ಕರಾವಳಿ ಭಾಗದಲ್ಲಿ ಹೆಚ್ಚು ಮಳೆಯಾಗಲಿದೆ ಜೊತೆಗೆ ಹೆಚ್ಚಿನ ಮೋಡ ಇರುವುದರಿಂದ ಬಿಸಿಲು ಕಡಿಮೆಯಾಗಲಿದೆ. ಮುಂಗಾರು ವೇಳಾಪಟ್ಟಿಗಿಂತ ಬೇಗನೆ ಆರಂಭವಾಗಿದ್ದು, ಈ ಬಾರಿ ಉತ್ತಮ ಮಳೆಯಾಗುವ ನಿರೀಕ್ಷೆಯಿದೆ. ರಸ್ತೆಗಳು ಕೆಸರುಮಯವಾಗಿದ್ದು, ವಾಹನ ಸವಾರರು ಪರದಾಡುವಂತಾಗಿದೆ. ಕೆಲವು ಕಡೆ ಮರಗಳು ಉರುಳಿ ಬಿದ್ದಿದ್ದು ಅಲ್ಲಲ್ಲಿ ವಿದ್ಯುತ್ ಸಂಪರ್ಕ ಕಡಿತಗೊಂಡಿದೆ. ಮೈಸೂರು ನಗರದಾದ್ಯಂತ ಮಳೆಯಿಂದಾಗಿ ಸಾರ್ವಜನಿಕರು ಮನೆಯಿಂದ ಹೊರ ಬರಲು ಹಿಂಜರಿಯುತ್ತಿದ್ದಾರೆ. ಮೈಸೂರಿನಲ್ಲಿ ನಿರಂತರ ಮಳೆಯಿಂದಾಗಿ ಸುರಿಯುತ್ತಿರುವ ಮಳೆಯಿಂದಾಗಿ ಕೇವಲ ಸಂಚಾರಕ್ಕೆ ಮಾತ್ರ ತೊಂದರೆಯಾಗುತ್ತಿಲ್ಲ.
ರೆಯಾಗಿದೆ. ಎಪಿಎಂಸಿ, ಗನ್‌ಹೌಸ್, ದೇವರಾಜ ಹಾಗೂ ಮಂಡಿ ಮಾರುಕಟ್ಟೆ ಚಿಕ್ಕಮಾರುಕಟ್ಟೆಗಳಲ್ಲಿ ವ್ಯಾಪಾರಸ್ಥರು ಕಷ್ಟಪಡುವಂತಾಗಿದೆ. ಇಷ್ಟೇ ಅಲ್ಲ ಹವಾಮಾನ ಸೇವಾ ಕೃಷಿ ಹವಾಮಾನ ಕ್ಷೇತ್ರ ವಿಭಾಗ ತಿಳಿಸಿದೆ.
ಅನಾರೋಗ್ಯದಿಂದ ಕೆಲಸ ಮಾಡಬೇಕಾದ ಅನಿವಾರ್ಯತೆಯಿದೆ. ಇದರಿಂದಾಗಿ ವ್ಯಾಪಾರ ಕುಸಿದಿದೆ. ಇನ್ನು ನಿರಂತರ ಮಳೆ ಹಾಗೂ ಕೋವಿಡ್ ಹಿನ್ನೆಲೆಯಲ್ಲಿ ಮಕ್ಕಳ ಆರೋಗ್ಯದ ಬಗ್ಗೆ ಎಚ್ಚರಿಕೆ ವಹಿಸಬೇಕು. ಇನ್ನೂ ಶಾಲೆ, ಕಾಲೇಜುಗಳು ಶುರುವಾಗಲಿದ್ದು ಕೊಡೆ, ರೇನ್‌ಕೋಟ್ ಖರೀದಿ ಜೋರಾಗಿದೆ.
ಸಫಾರಿ ಬಂದ್
ಕೊಡಗು ಜಿಲ್ಲೆಯಲ್ಲಿ ಸುರಿಯುತ್ತಿರುವ ನಿರಂತರ ಮಳೆಯ ಕಾರಣದಿಂದಾಗಿ, ಸಫಾರಿ ವಾಹನಗಳು ನಾಗರಹೊಳೆ ವನ್ಯಜೀವಿ ವಲಯದ ಸಫಾರಿ ಜೋನ್ ಗೆ ರಸ್ತೆಗಳಲ್ಲಿ ಸಂಚರಿಸುವುದು ಕಷ್ಟಸಾಧ್ಯವಾಗಿದೆ. ಈ ಕಾರಣದಿಂದ ಮೇ28ರಿಂದ ಮಳೆ ನಿಲ್ಲುವವರೆಗೆ ನಾಗರಹೊಳೆ ಹುಲಿ ಸಂರಕ್ಷಿತ ಪ್ರದೇಶದ ನಾಣಚ್ಚಿ ಗೇಟ್ ಹಾಗೂ ವೀರನಹೊಸಹಳ್ಳಿ ಗೇಟ್ ನಿಂದ ಆಯೋಜಿಸುವ ಸಫಾರಿಯನ್ನು ಸ್ಥಗಿತಗೊಳಿಸಲಾಗಿದೆ. ನಾಗರಹೊಳೆ ಹುಲಿ ಸಂರಕ್ಷಿತ ಪ್ರದೇಶದ ವನ್ಯಜೀವಿಗೆ (ಕಬಿನಿ) ಸಫಾರಿ ಎಂದಿನಂತೆ ನಡೆಯಲಿದೆ ಎಂದು ಪ್ರಕಟಣೆಯಲ್ಲಿ ತಿಳಿಸಿದೆ.
➤ ಹರ್ಷಕುಮಾರ್ ಎಸಿಎಫ್ ನಾಗರಹೊಳೆ ಉದ್ಯಾನವನ
